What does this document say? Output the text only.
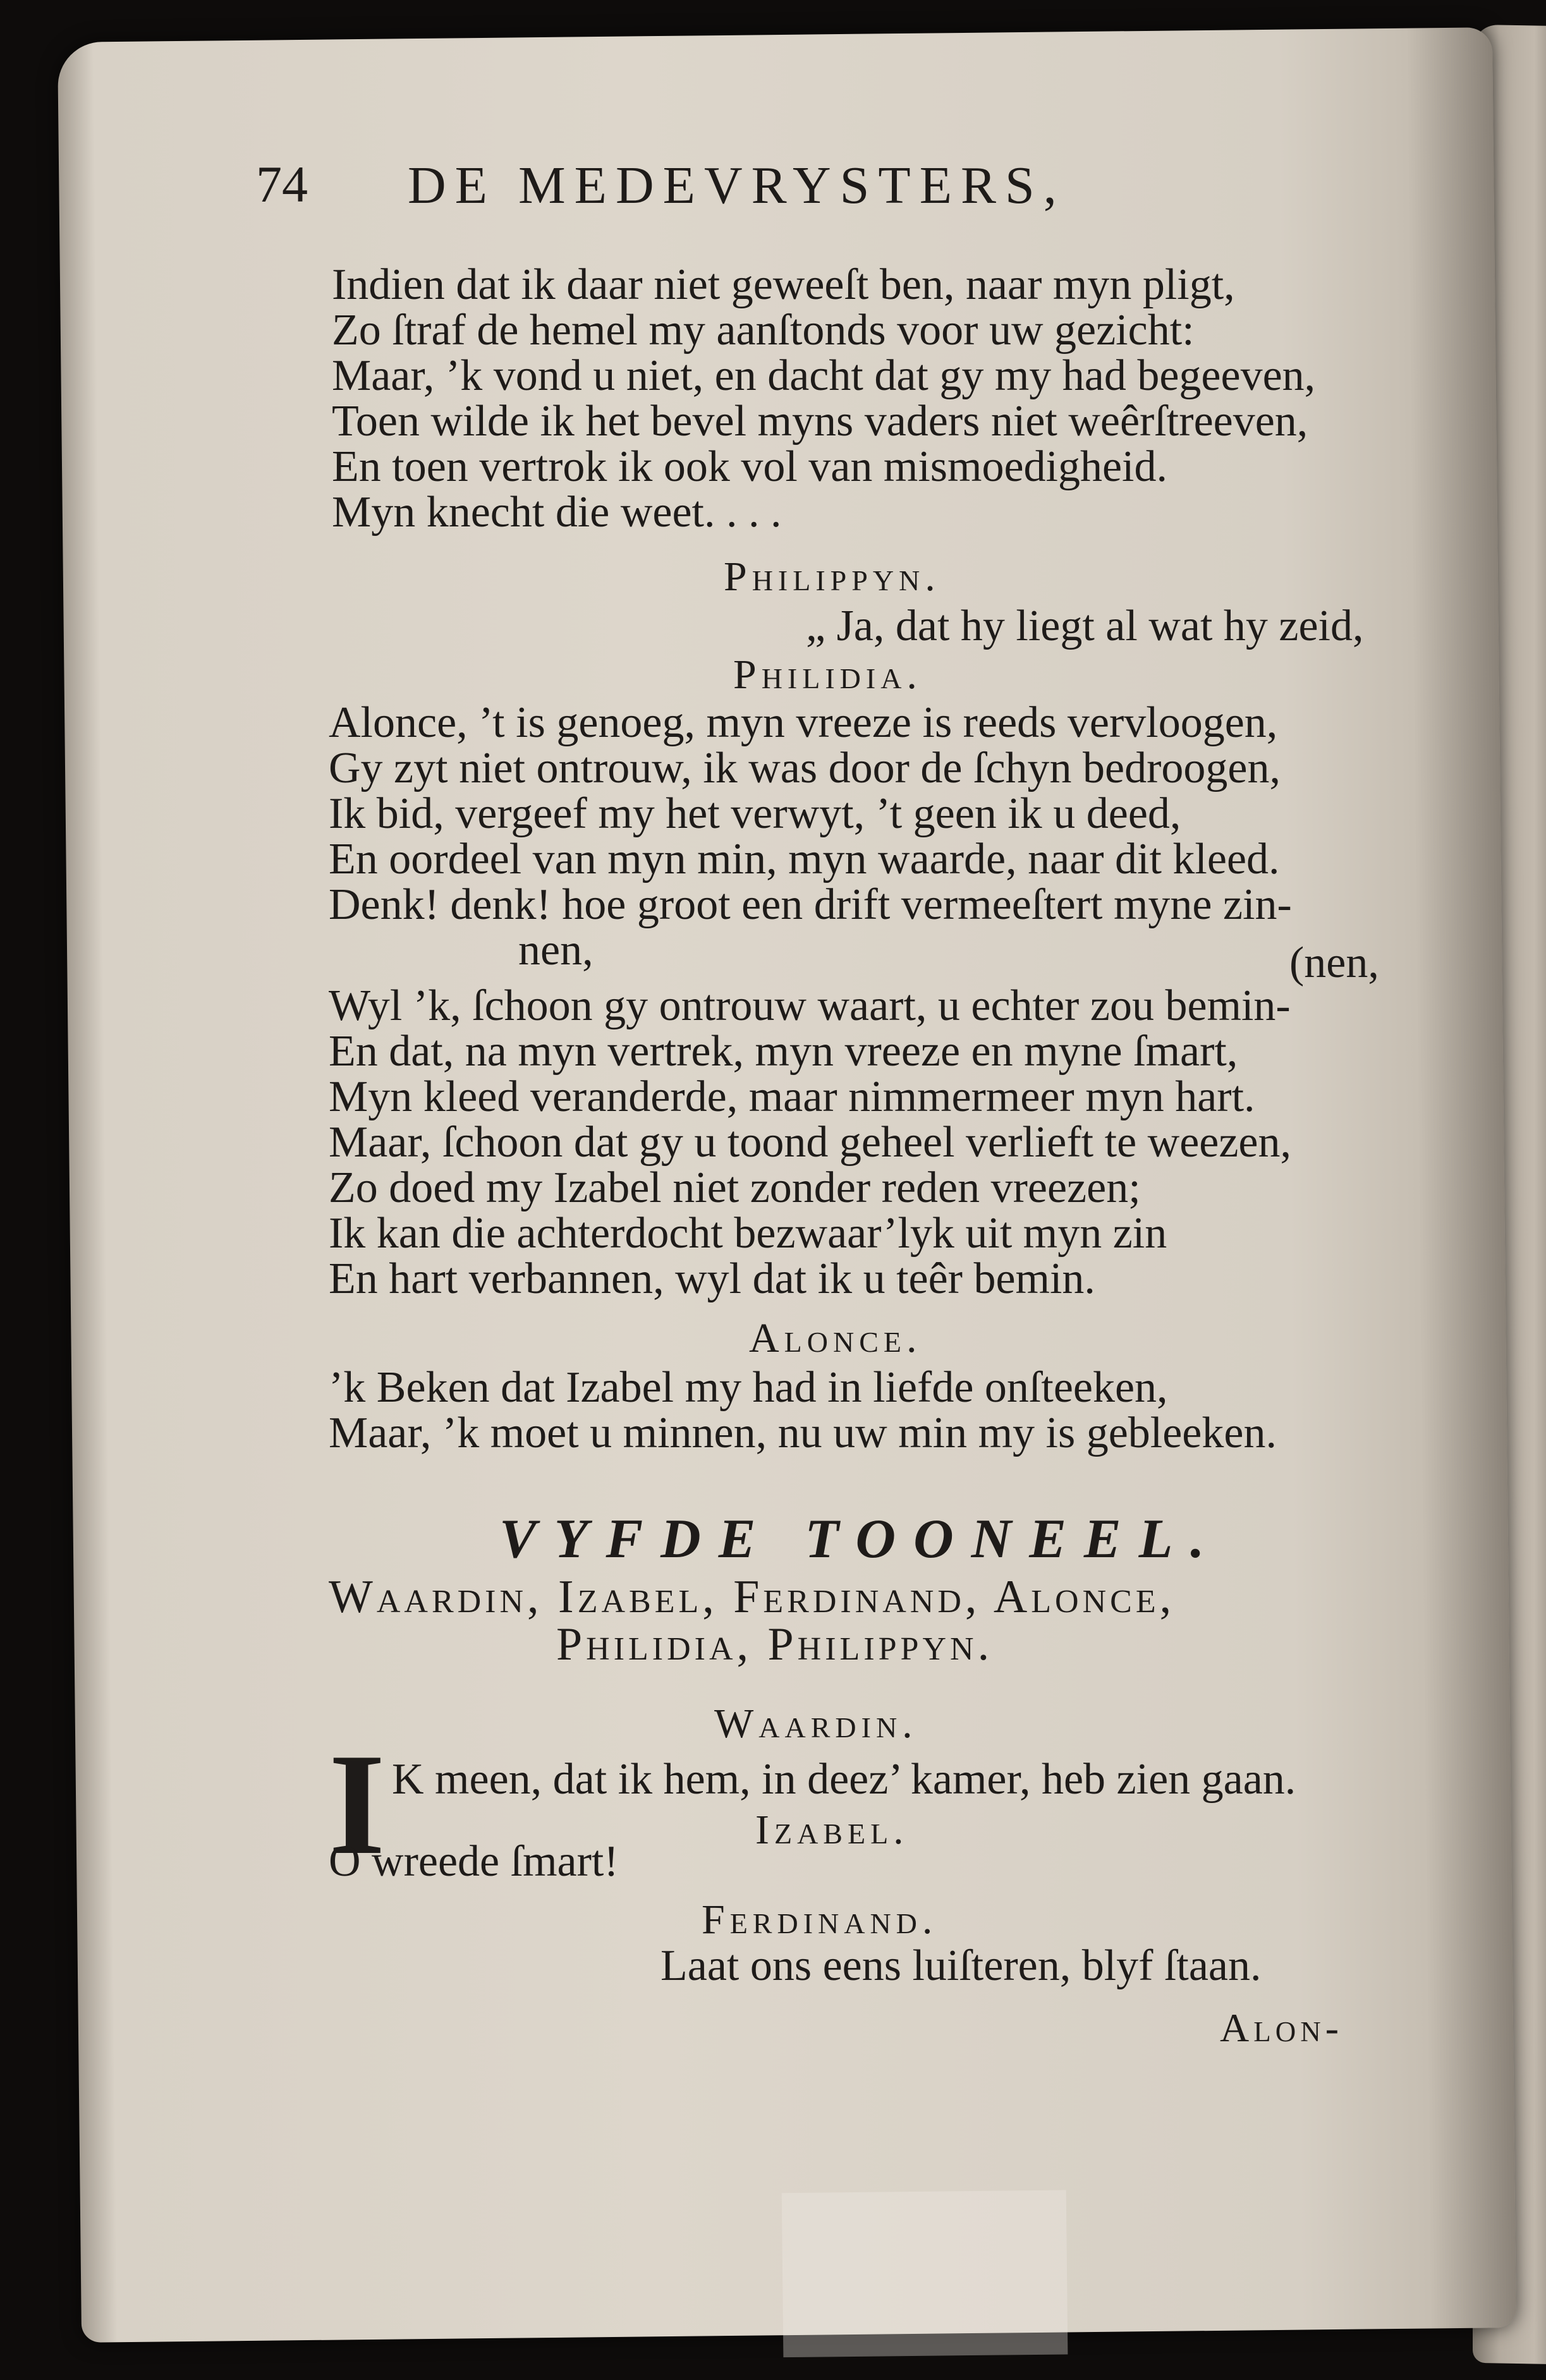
74 DE MEDEVRYSTERS,
Indien dat ik daar niet geweeſt ben, naar myn pligt,
Zo ſtraf de hemel my aanſtonds voor uw gezicht:
Maar, ’k vond u niet, en dacht dat gy my had begeeven,
Toen wilde ik het bevel myns vaders niet weêrſtreeven,
En toen vertrok ik ook vol van mismoedigheid.
Myn knecht die weet. . . .
Philippyn.
„ Ja, dat hy liegt al wat hy zeid,
Philidia.
Alonce, ’t is genoeg, myn vreeze is reeds vervloogen,
Gy zyt niet ontrouw, ik was door de ſchyn bedroogen,
Ik bid, vergeef my het verwyt, ’t geen ik u deed,
En oordeel van myn min, myn waarde, naar dit kleed.
Denk! denk! hoe groot een drift vermeeſtert myne zin-
nen,	(nen,
Wyl ’k, ſchoon gy ontrouw waart, u echter zou bemin-
En dat, na myn vertrek, myn vreeze en myne ſmart,
Myn kleed veranderde, maar nimmermeer myn hart.
Maar, ſchoon dat gy u toond geheel verlieft te weezen,
Zo doed my Izabel niet zonder reden vreezen;
Ik kan die achterdocht bezwaar’lyk uit myn zin
En hart verbannen, wyl dat ik u teêr bemin.
Alonce.
’k Beken dat Izabel my had in liefde onſteeken,
Maar, ’k moet u minnen, nu uw min my is gebleeken.
VYFDE TOONEEL.
Waardin, Izabel, Ferdinand, Alonce,
Philidia, Philippyn.
Waardin.
I K meen, dat ik hem, in deez’ kamer, heb zien gaan.
Izabel.
O wreede ſmart!
Ferdinand.
Laat ons eens luiſteren, blyf ſtaan.
Alon-
